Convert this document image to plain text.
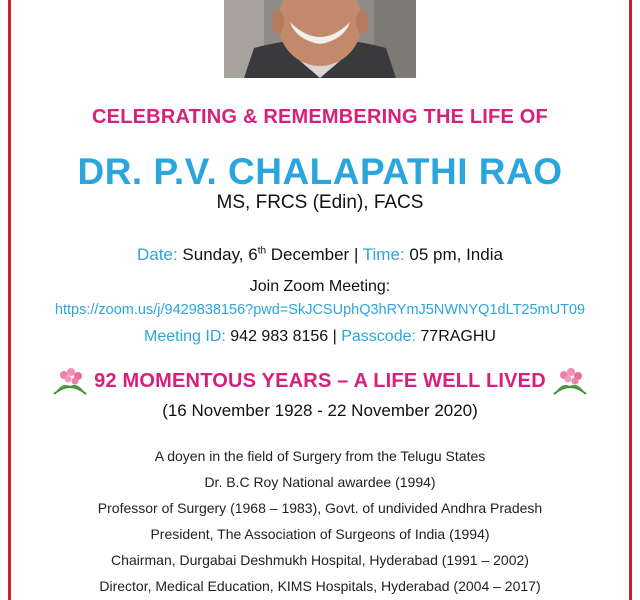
CELEBRATING & REMEMBERING THE LIFE OF
DR. P.V. CHALAPATHI RAO
MS, FRCS (Edin), FACS
Date: Sunday, 6th December | Time: 05 pm, India
Join Zoom Meeting:
https://zoom.us/j/9429838156?pwd=SkJCSUphQ3hRYmJ5NWNYQ1dLT25mUT09
Meeting ID: 942 983 8156 | Passcode: 77RAGHU
92 MOMENTOUS YEARS – A LIFE WELL LIVED
(16 November 1928 - 22 November 2020)
A doyen in the field of Surgery from the Telugu States
Dr. B.C Roy National awardee (1994)
Professor of Surgery (1968 – 1983), Govt. of undivided Andhra Pradesh
President, The Association of Surgeons of India (1994)
Chairman, Durgabai Deshmukh Hospital, Hyderabad (1991 – 2002)
Director, Medical Education, KIMS Hospitals, Hyderabad (2004 – 2017)
